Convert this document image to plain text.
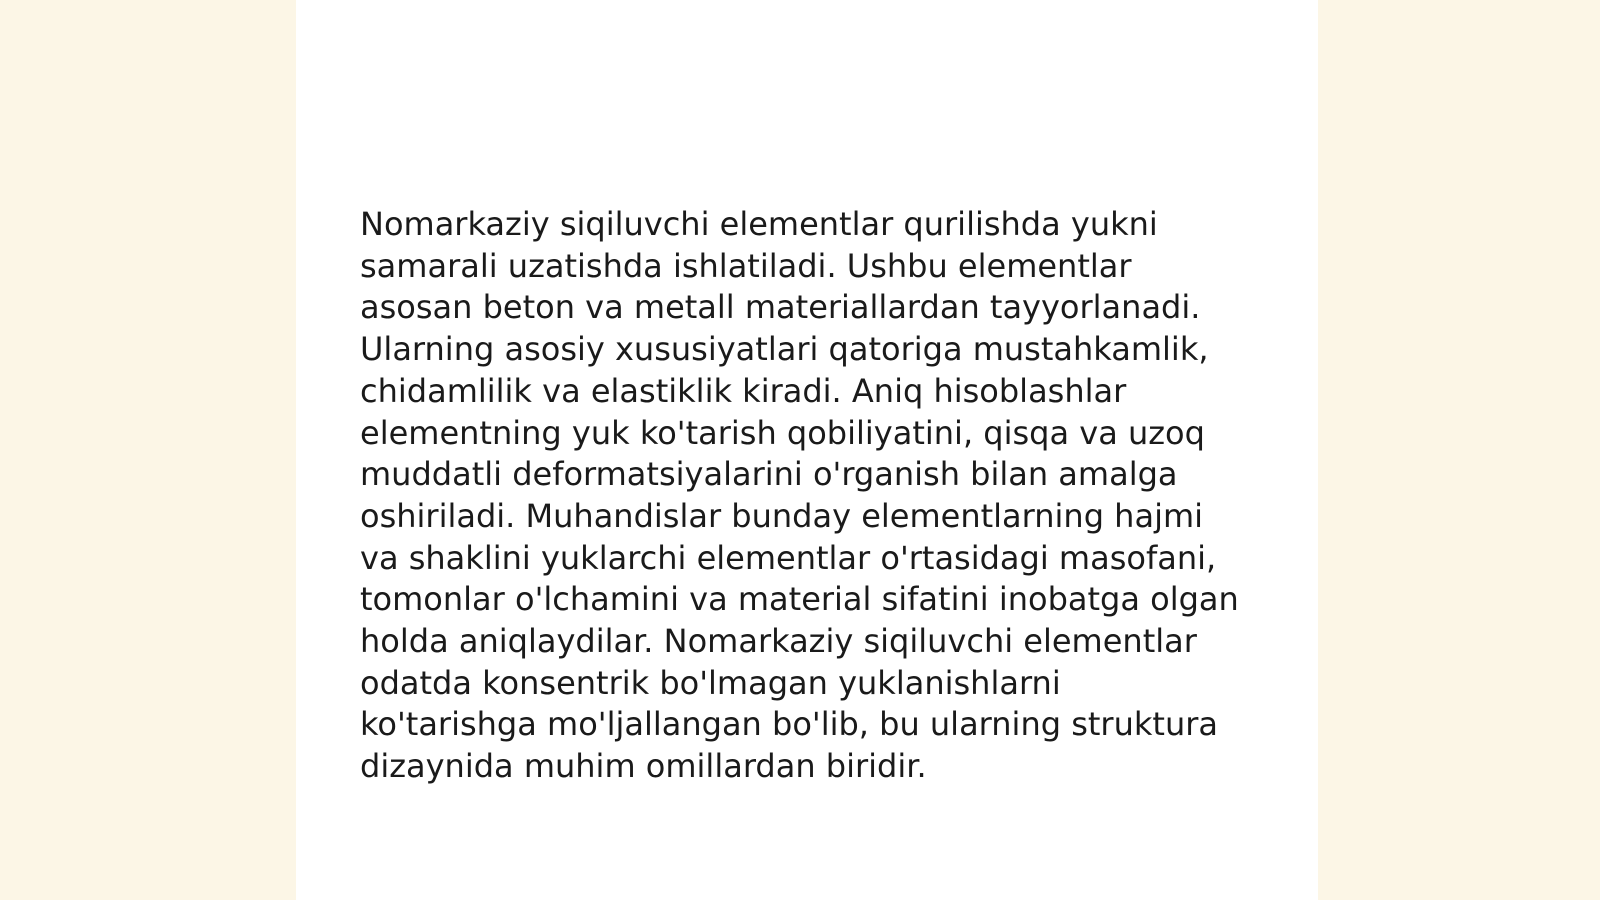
Nomarkaziy siqiluvchi elementlar qurilishda yukni samarali uzatishda ishlatiladi. Ushbu elementlar asosan beton va metall materiallardan tayyorlanadi. Ularning asosiy xususiyatlari qatoriga mustahkamlik, chidamlilik va elastiklik kiradi. Aniq hisoblashlar elementning yuk ko'tarish qobiliyatini, qisqa va uzoq muddatli deformatsiyalarini o'rganish bilan amalga oshiriladi. Muhandislar bunday elementlarning hajmi va shaklini yuklarchi elementlar o'rtasidagi masofani, tomonlar o'lchamini va material sifatini inobatga olgan holda aniqlaydilar. Nomarkaziy siqiluvchi elementlar odatda konsentrik bo'lmagan yuklanishlarni ko'tarishga mo'ljallangan bo'lib, bu ularning struktura dizaynida muhim omillardan biridir.
